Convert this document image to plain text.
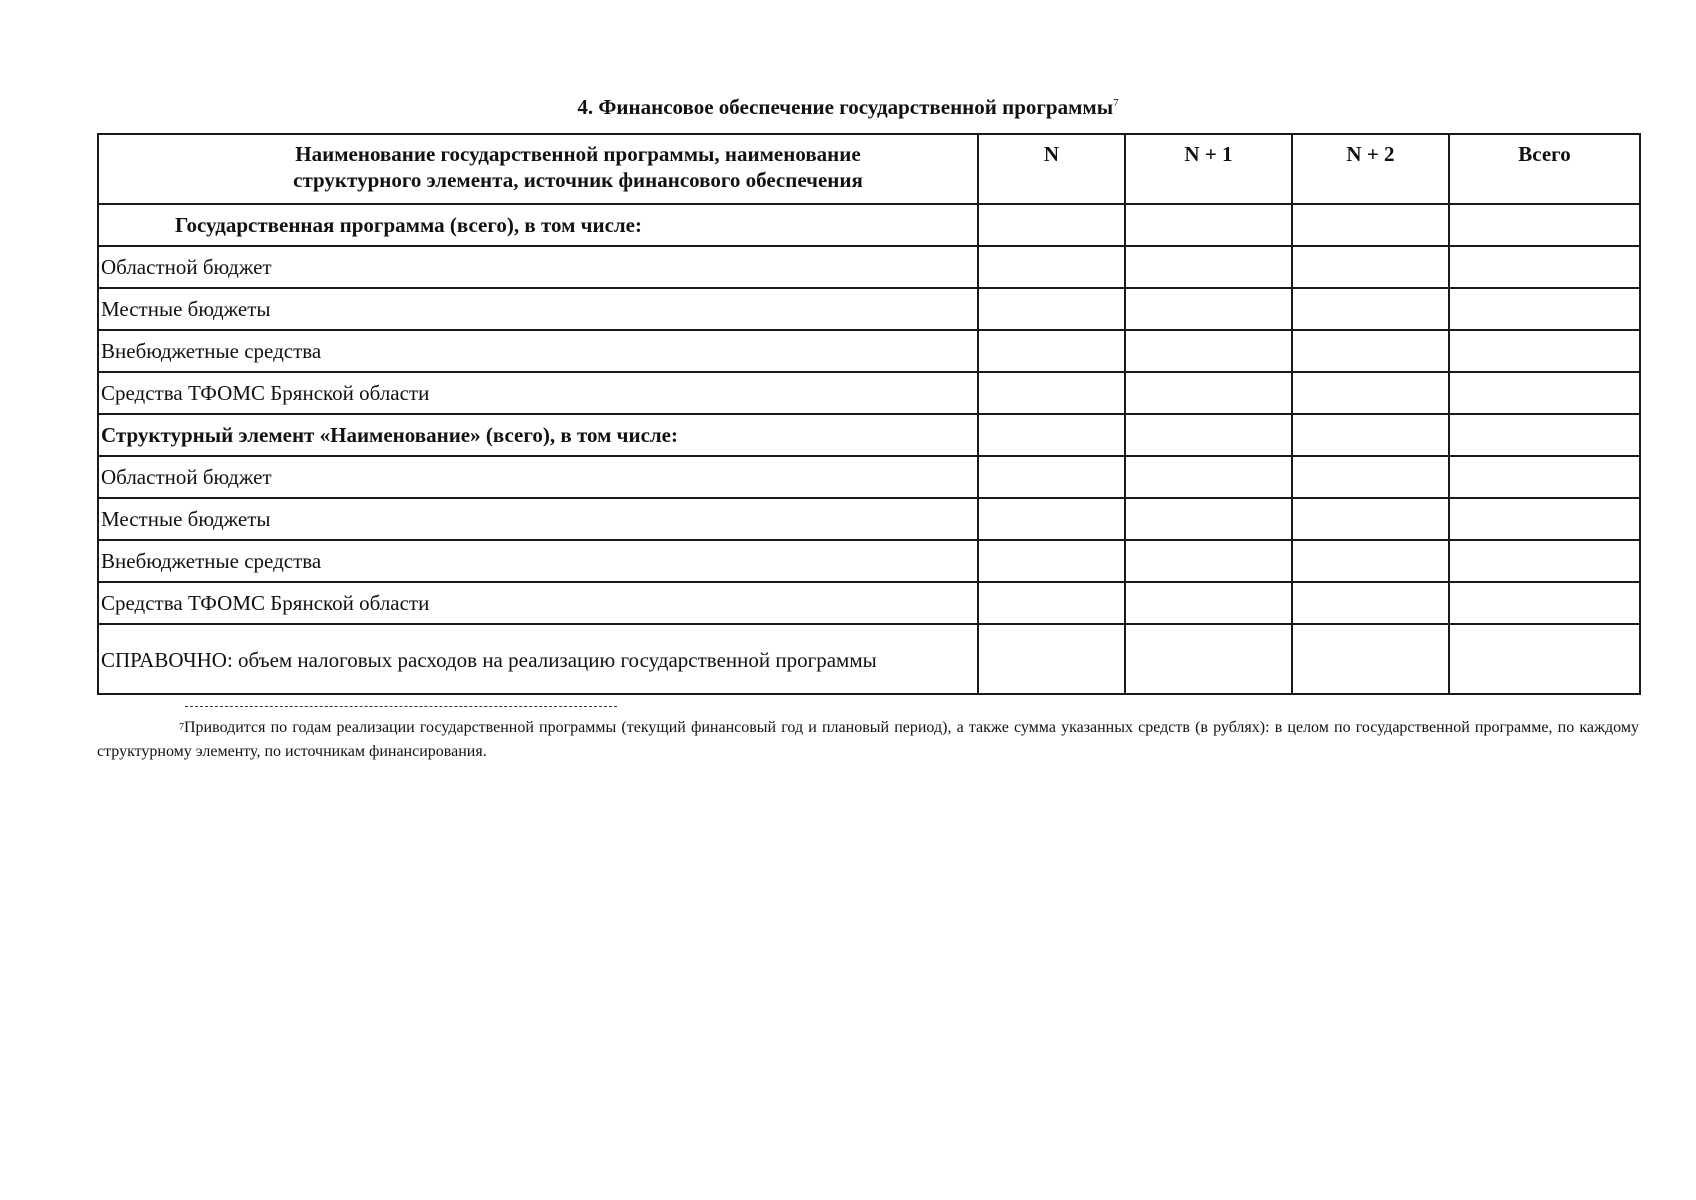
4. Финансовое обеспечение государственной программы$^7$
Наименование государственной программы, наименование структурного элемента, источник финансового обеспечения	N	N + 1	N + 2	Всего
Государственная программа (всего), в том числе:				
Областной бюджет				
Местные бюджеты				
Внебюджетные средства				
Средства ТФОМС Брянской области				
Структурный элемент «Наименование» (всего), в том числе:				
Областной бюджет				
Местные бюджеты				
Внебюджетные средства				
Средства ТФОМС Брянской области				
СПРАВОЧНО: объем налоговых расходов на реализацию государственной программы				
$^7$Приводится по годам реализации государственной программы (текущий финансовый год и плановый период), а также сумма указанных средств (в рублях): в целом по государственной программе, по каждому структурному элементу, по источникам финансирования.
